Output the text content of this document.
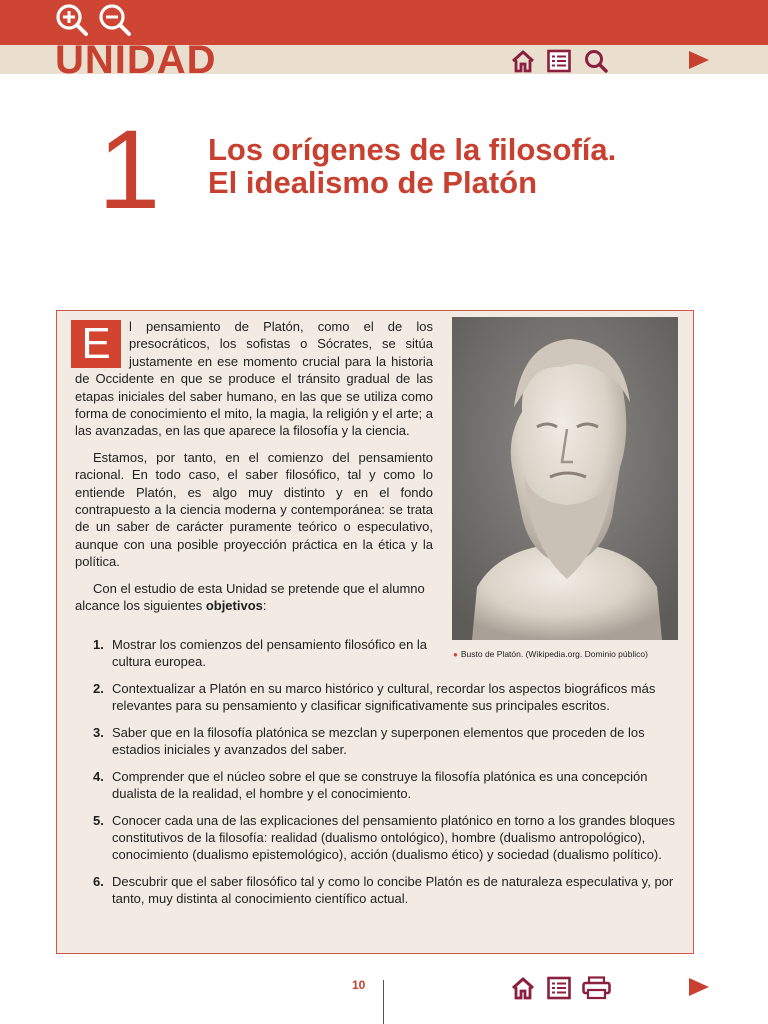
UNIDAD
1 Los orígenes de la filosofía.
El idealismo de Platón

E	l pensamiento de Platón, como el de los presocráticos, los sofistas o Sócrates, se sitúa justamente en ese momento crucial para la historia de Occidente en que se produce el tránsito gradual de las etapas iniciales del saber humano, en las que se utiliza como forma de conocimiento el mito, la magia, la religión y el arte; a las avanzadas, en las que aparece la filosofía y la ciencia.

Estamos, por tanto, en el comienzo del pensamiento racional. En todo caso, el saber filosófico, tal y como lo entiende Platón, es algo muy distinto y en el fondo contrapuesto a la ciencia moderna y contemporánea: se trata de un saber de carácter puramente teórico o especulativo, aunque con una posible proyección práctica en la ética y la política.

Con el estudio de esta Unidad se pretende que el alumno alcance los siguientes objetivos:

● Busto de Platón. (Wikipedia.org. Dominio público)
1. Mostrar los comienzos del pensamiento filosófico en la cultura europea.
2. Contextualizar a Platón en su marco histórico y cultural, recordar los aspectos biográficos más relevantes para su pensamiento y clasificar significativamente sus principales escritos.
3. Saber que en la filosofía platónica se mezclan y superponen elementos que proceden de los estadios iniciales y avanzados del saber.
4. Comprender que el núcleo sobre el que se construye la filosofía platónica es una concepción dualista de la realidad, el hombre y el conocimiento.
5. Conocer cada una de las explicaciones del pensamiento platónico en torno a los grandes bloques constitutivos de la filosofía: realidad (dualismo ontológico), hombre (dualismo antropológico), conocimiento (dualismo epistemológico), acción (dualismo ético) y sociedad (dualismo político).
6. Descubrir que el saber filosófico tal y como lo concibe Platón es de naturaleza especulativa y, por tanto, muy distinta al conocimiento científico actual.
10
